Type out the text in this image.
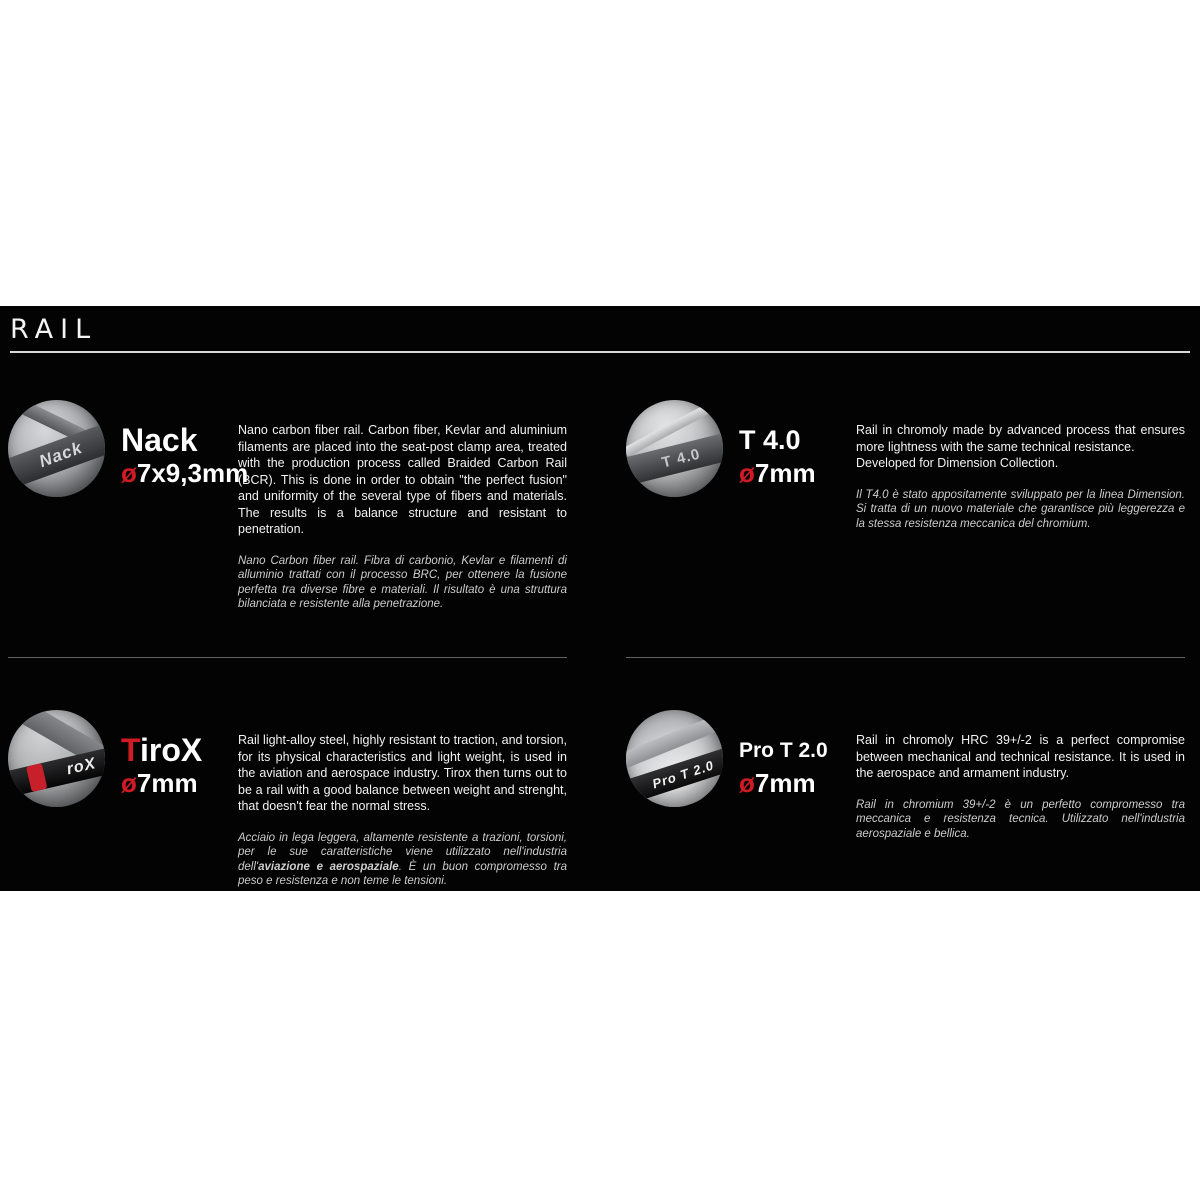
RAIL
Nack	Nack
ø7x9,3mm

Nano carbon fiber rail. Carbon fiber, Kevlar and aluminium filaments are placed into the seat-post clamp area, treated with the production process called Braided Carbon Rail (BCR). This is done in order to obtain "the perfect fusion" and uniformity of the several type of fibers and materials. The results is a balance structure and resistant to penetration.

Nano Carbon fiber rail. Fibra di carbonio, Kevlar e filamenti di alluminio trattati con il processo BRC, per ottenere la fusione perfetta tra diverse fibre e materiali. Il risultato è una struttura bilanciata e resistente alla penetrazione.

roX TiroX
ø7mm

Rail light-alloy steel, highly resistant to traction, and torsion, for its physical characteristics and light weight, is used in the aviation and aerospace industry. Tirox then turns out to be a rail with a good balance between weight and strenght, that doesn't fear the normal stress.

Acciaio in lega leggera, altamente resistente a trazioni, torsioni, per le sue caratteristiche viene utilizzato nell'industria dell'aviazione e aerospaziale. È un buon compromesso tra peso e resistenza e non teme le tensioni.

T 4.0
T 4.0
ø7mm

Rail in chromoly made by advanced process that ensures more lightness with the same technical resistance.

Developed for Dimension Collection.

Il T4.0 è stato appositamente sviluppato per la linea Dimension. Si tratta di un nuovo materiale che garantisce più leggerezza e la stessa resistenza meccanica del chromium.

Pro T 2.0
Pro T 2.0
ø7mm

Rail in chromoly HRC 39+/-2 is a perfect compromise between mechanical and technical resistance. It is used in the aerospace and armament industry.

Rail in chromium 39+/-2 è un perfetto compromesso tra meccanica e resistenza tecnica. Utilizzato nell'industria aerospaziale e bellica.
